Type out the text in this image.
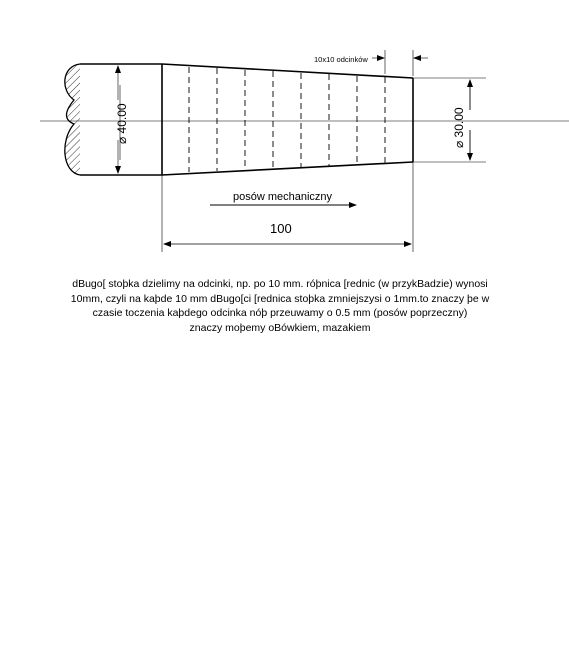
10x10 odcinków
⌀ 40.00	⌀ 30.00
posów mechaniczny
100
dBugo[ stoþka dzielimy na odcinki, np. po 10 mm. róþnica [rednic (w przykBadzie) wynosi
10mm, czyli na kaþde 10 mm dBugo[ci [rednica stoþka zmniejszysi o 1mm.to znaczy þe w
czasie toczenia kaþdego odcinka nóþ przeuwamy o 0.5 mm (posów poprzeczny)
znaczy moþemy oBówkiem, mazakiem
